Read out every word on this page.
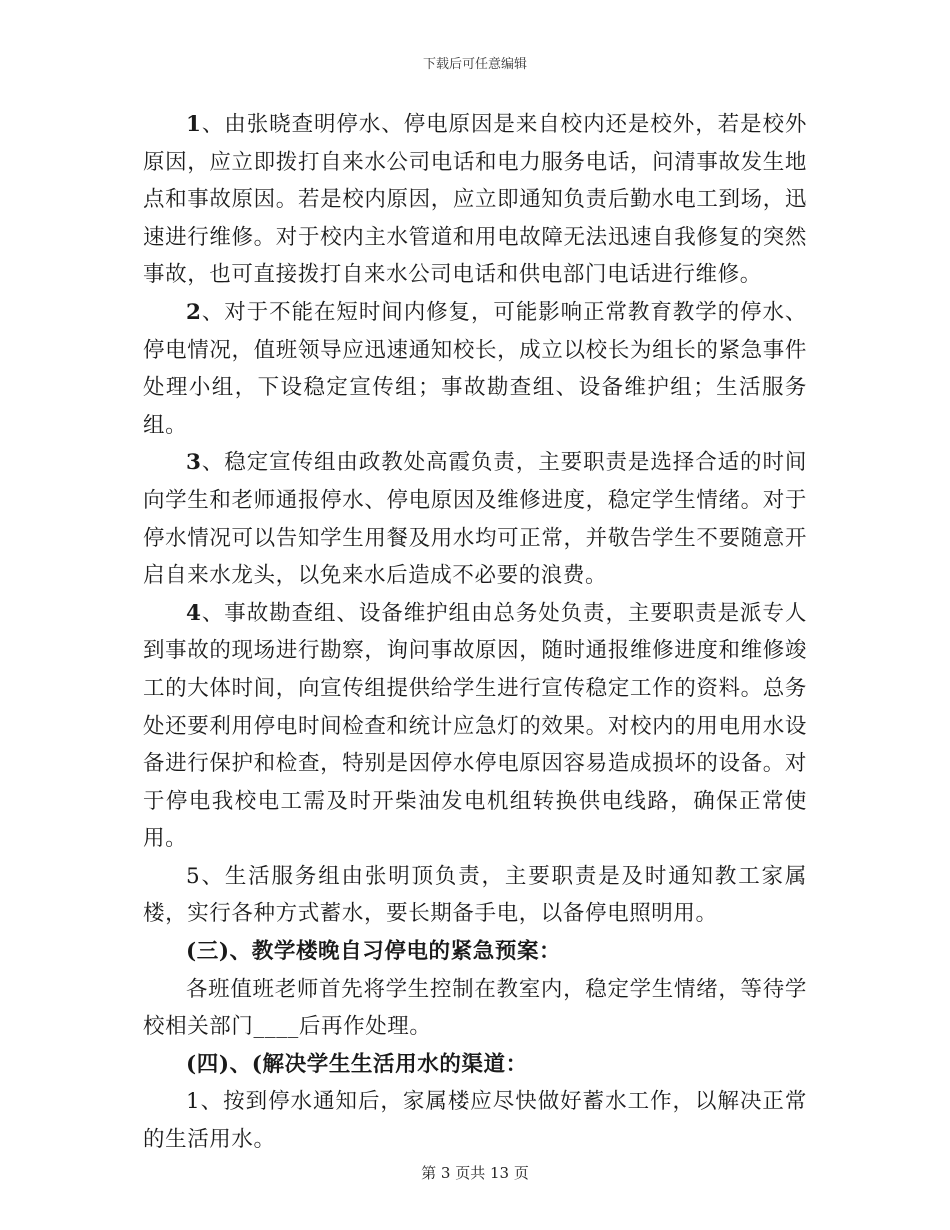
下载后可任意编辑

1、由张晓查明停水、停电原因是来自校内还是校外，若是校外原因，应立即拨打自来水公司电话和电力服务电话，问清事故发生地点和事故原因。若是校内原因，应立即通知负责后勤水电工到场，迅速进行维修。对于校内主水管道和用电故障无法迅速自我修复的突然事故，也可直接拨打自来水公司电话和供电部门电话进行维修。

2、对于不能在短时间内修复，可能影响正常教育教学的停水、停电情况，值班领导应迅速通知校长，成立以校长为组长的紧急事件处理小组，下设稳定宣传组；事故勘查组、设备维护组；生活服务组。

3、稳定宣传组由政教处高霞负责，主要职责是选择合适的时间向学生和老师通报停水、停电原因及维修进度，稳定学生情绪。对于停水情况可以告知学生用餐及用水均可正常，并敬告学生不要随意开启自来水龙头，以免来水后造成不必要的浪费。

4、事故勘查组、设备维护组由总务处负责，主要职责是派专人到事故的现场进行勘察，询问事故原因，随时通报维修进度和维修竣工的大体时间，向宣传组提供给学生进行宣传稳定工作的资料。总务处还要利用停电时间检查和统计应急灯的效果。对校内的用电用水设备进行保护和检查，特别是因停水停电原因容易造成损坏的设备。对于停电我校电工需及时开柴油发电机组转换供电线路，确保正常使用。

5、生活服务组由张明顶负责，主要职责是及时通知教工家属楼，实行各种方式蓄水，要长期备手电，以备停电照明用。

(三)、教学楼晚自习停电的紧急预案：

各班值班老师首先将学生控制在教室内，稳定学生情绪，等待学校相关部门____后再作处理。

(四)、(解决学生生活用水的渠道：

1、按到停水通知后，家属楼应尽快做好蓄水工作，以解决正常的生活用水。

第 3 页共 13 页
